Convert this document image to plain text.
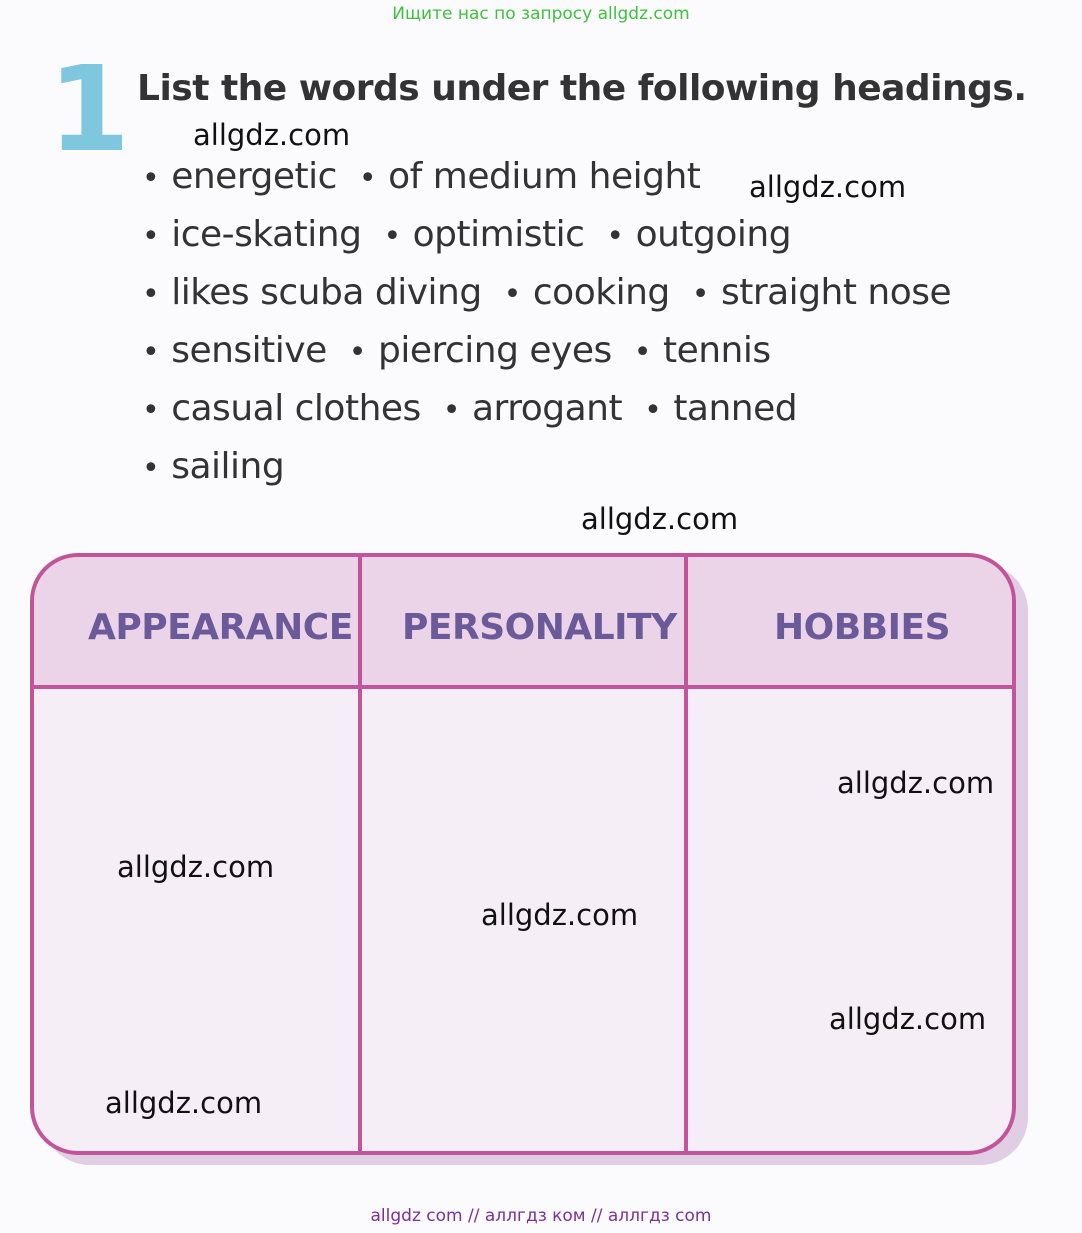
Ищите нас по запросу allgdz.com
1 List the words under the following headings.
• energetic • of medium height
• ice-skating • optimistic • outgoing
• likes scuba diving • cooking • straight nose
• sensitive • piercing eyes • tennis
• casual clothes • arrogant • tanned
• sailing
APPEARANCE PERSONALITY	HOBBIES
allgdz.com
allgdz.com
allgdz.com
allgdz.com
allgdz.com
allgdz.com
allgdz.com
allgdz.com
allgdz com // аллгдз ком // аллгдз com
